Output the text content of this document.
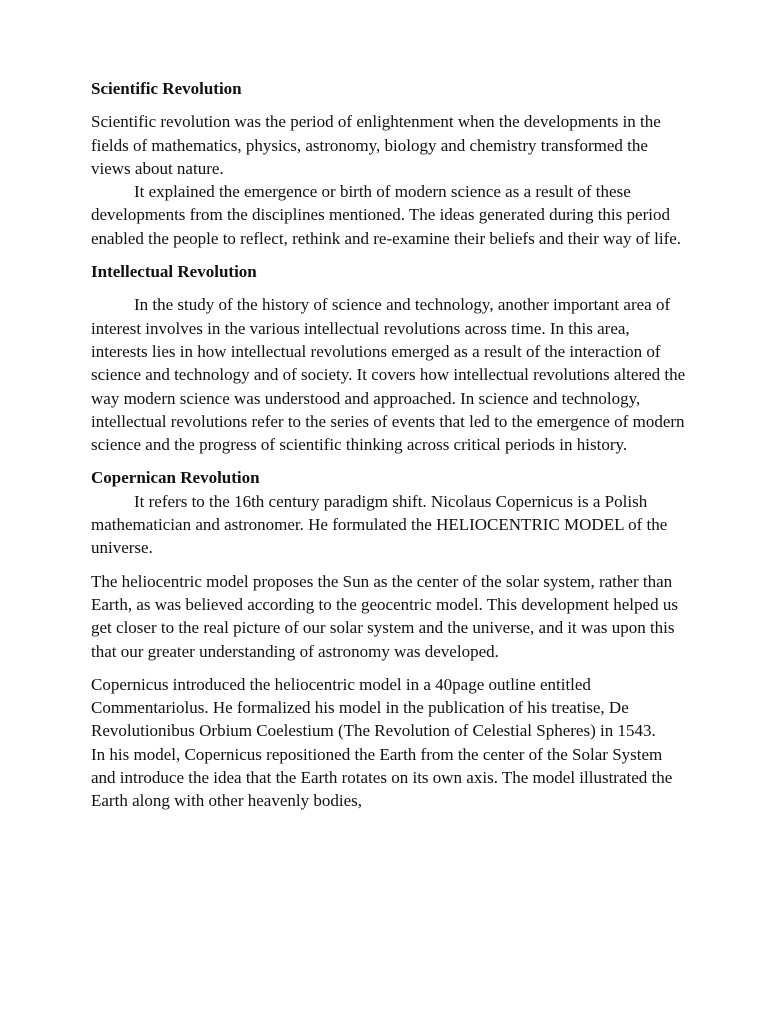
Scientific Revolution

Scientific revolution was the period of enlightenment when the developments in the fields of mathematics, physics, astronomy, biology and chemistry transformed the views about nature.

It explained the emergence or birth of modern science as a result of these developments from the disciplines mentioned. The ideas generated during this period enabled the people to reflect, rethink and re-examine their beliefs and their way of life.

Intellectual Revolution

In the study of the history of science and technology, another important area of interest involves in the various intellectual revolutions across time. In this area, interests lies in how intellectual revolutions emerged as a result of the interaction of science and technology and of society. It covers how intellectual revolutions altered the way modern science was understood and approached. In science and technology, intellectual revolutions refer to the series of events that led to the emergence of modern science and the progress of scientific thinking across critical periods in history.

Copernican Revolution

It refers to the 16th century paradigm shift. Nicolaus Copernicus is a Polish mathematician and astronomer. He formulated the HELIOCENTRIC MODEL of the universe.

The heliocentric model proposes the Sun as the center of the solar system, rather than Earth, as was believed according to the geocentric model. This development helped us get closer to the real picture of our solar system and the universe, and it was upon this that our greater understanding of astronomy was developed.

Copernicus introduced the heliocentric model in a 40page outline entitled Commentariolus. He formalized his model in the publication of his treatise, De Revolutionibus Orbium Coelestium (The Revolution of Celestial Spheres) in 1543.

In his model, Copernicus repositioned the Earth from the center of the Solar System and introduce the idea that the Earth rotates on its own axis. The model illustrated the Earth along with other heavenly bodies,
